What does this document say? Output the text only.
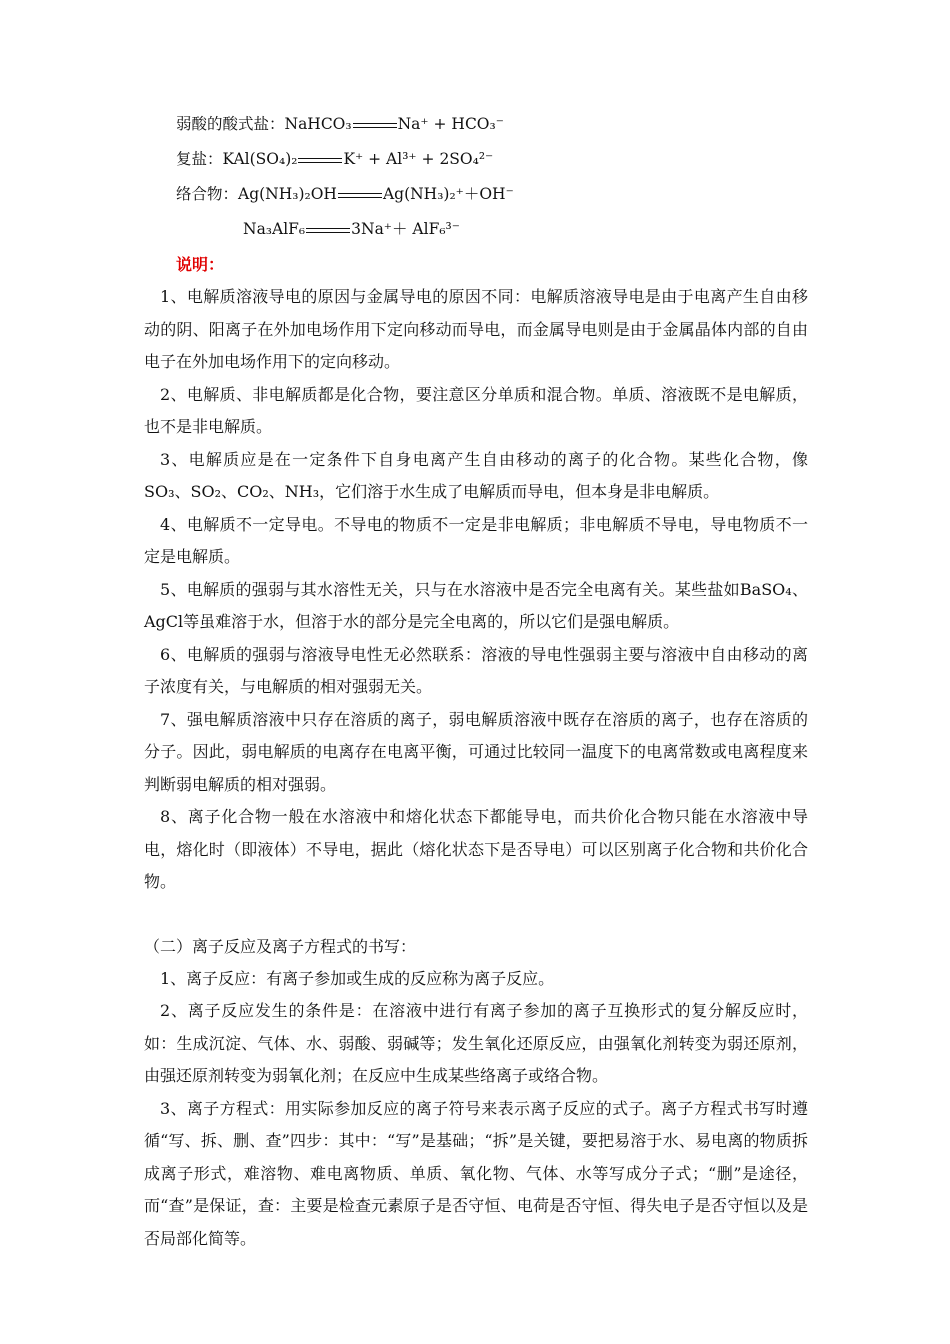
弱酸的酸式盐：NaHCO₃	Na⁺ + HCO₃⁻
复盐：KAl(SO₄)₂	K⁺ + Al³⁺ + 2SO₄²⁻
络合物：Ag(NH₃)₂OH	Ag(NH₃)₂⁺＋OH⁻
Na₃AlF₆	3Na⁺＋ AlF₆³⁻
说明：

1、电解质溶液导电的原因与金属导电的原因不同：电解质溶液导电是由于电离产生自由移动的阴、阳离子在外加电场作用下定向移动而导电，而金属导电则是由于金属晶体内部的自由电子在外加电场作用下的定向移动。

2、电解质、非电解质都是化合物，要注意区分单质和混合物。单质、溶液既不是电解质，也不是非电解质。

3、电解质应是在一定条件下自身电离产生自由移动的离子的化合物。某些化合物，像SO₃、SO₂、CO₂、NH₃，它们溶于水生成了电解质而导电，但本身是非电解质。

4、电解质不一定导电。不导电的物质不一定是非电解质；非电解质不导电，导电物质不一定是电解质。

5、电解质的强弱与其水溶性无关，只与在水溶液中是否完全电离有关。某些盐如BaSO₄、AgCl等虽难溶于水，但溶于水的部分是完全电离的，所以它们是强电解质。

6、电解质的强弱与溶液导电性无必然联系：溶液的导电性强弱主要与溶液中自由移动的离子浓度有关，与电解质的相对强弱无关。

7、强电解质溶液中只存在溶质的离子，弱电解质溶液中既存在溶质的离子，也存在溶质的分子。因此，弱电解质的电离存在电离平衡，可通过比较同一温度下的电离常数或电离程度来判断弱电解质的相对强弱。

8、离子化合物一般在水溶液中和熔化状态下都能导电，而共价化合物只能在水溶液中导电，熔化时（即液体）不导电，据此（熔化状态下是否导电）可以区别离子化合物和共价化合物。

（二）离子反应及离子方程式的书写：

1、离子反应：有离子参加或生成的反应称为离子反应。

2、离子反应发生的条件是：在溶液中进行有离子参加的离子互换形式的复分解反应时，如：生成沉淀、气体、水、弱酸、弱碱等；发生氧化还原反应，由强氧化剂转变为弱还原剂，由强还原剂转变为弱氧化剂；在反应中生成某些络离子或络合物。

3、离子方程式：用实际参加反应的离子符号来表示离子反应的式子。离子方程式书写时遵循“写、拆、删、查”四步：其中：“写”是基础；“拆”是关键，要把易溶于水、易电离的物质拆成离子形式，难溶物、难电离物质、单质、氧化物、气体、水等写成分子式；“删”是途径，而“查”是保证，查：主要是检查元素原子是否守恒、电荷是否守恒、得失电子是否守恒以及是否局部化简等。
